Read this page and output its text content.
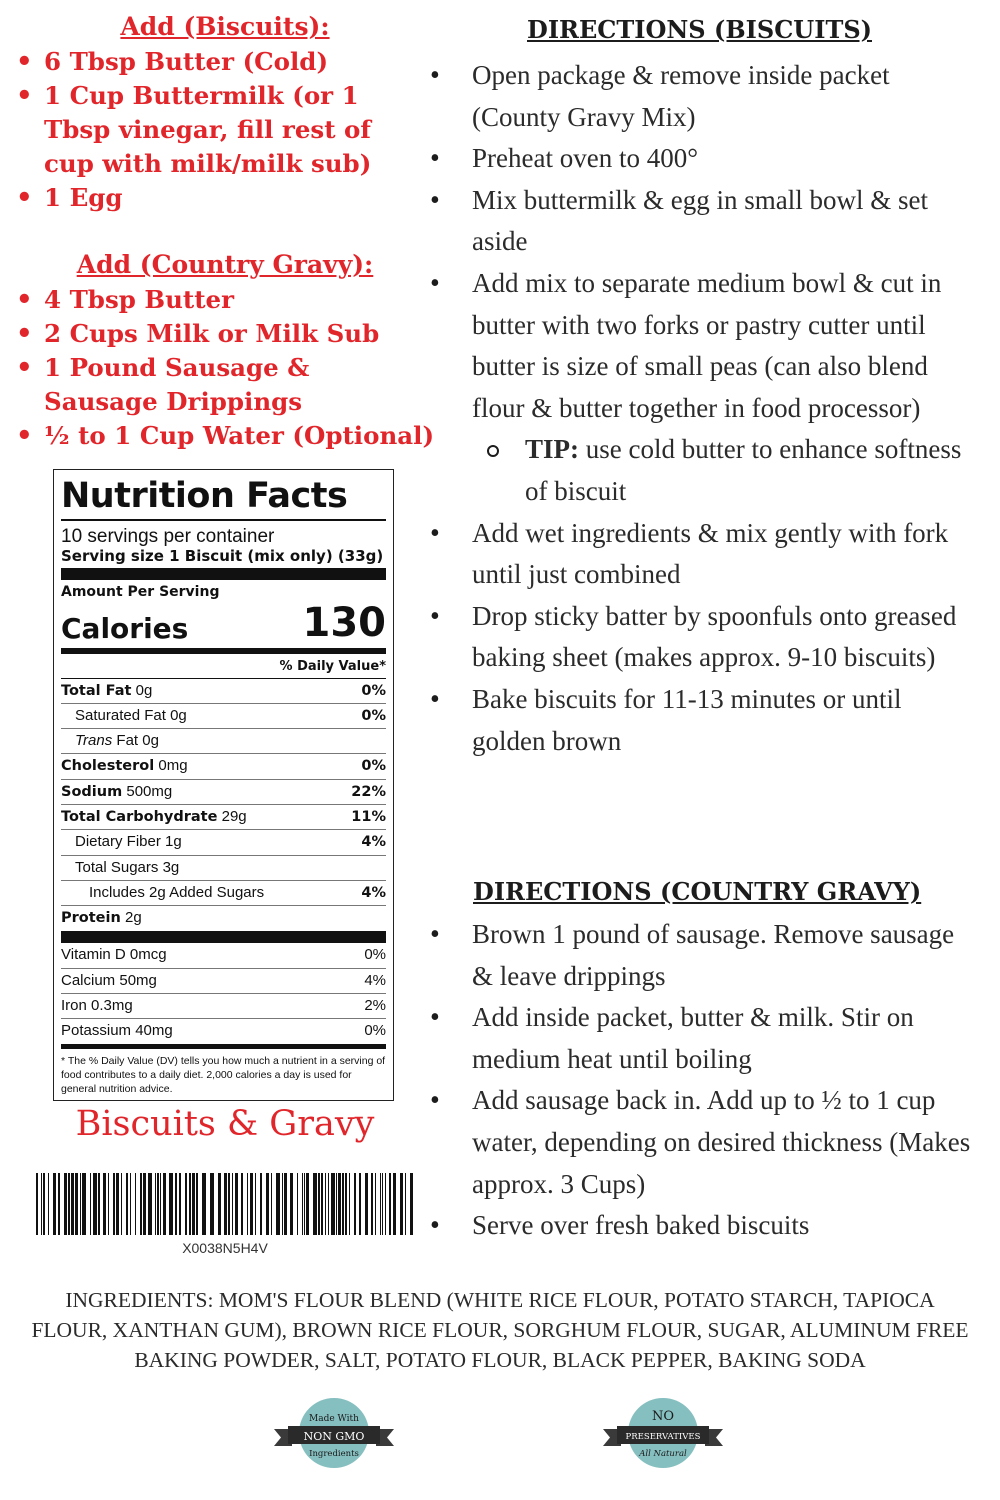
Add (Biscuits):
• 6 Tbsp Butter (Cold)
• 1 Cup Buttermilk (or 1 Tbsp vinegar, fill rest of cup with milk/milk sub)
• 1 Egg
Add (Country Gravy):
• 4 Tbsp Butter
• 2 Cups Milk or Milk Sub
• 1 Pound Sausage & Sausage Drippings
• ½ to 1 Cup Water (Optional)
DIRECTIONS (BISCUITS)
• Open package & remove inside packet (County Gravy Mix)
• Preheat oven to 400°
• Mix buttermilk & egg in small bowl & set aside
• Add mix to separate medium bowl & cut in butter with two forks or pastry cutter until butter is size of small peas (can also blend flour & butter together in food processor)
TIP: use cold butter to enhance softness of biscuit
• Add wet ingredients & mix gently with fork until just combined
• Drop sticky batter by spoonfuls onto greased baking sheet (makes approx. 9-10 biscuits)
• Bake biscuits for 11-13 minutes or until golden brown
DIRECTIONS (COUNTRY GRAVY)
• Brown 1 pound of sausage. Remove sausage & leave drippings
• Add inside packet, butter & milk. Stir on medium heat until boiling
• Add sausage back in. Add up to ½ to 1 cup water, depending on desired thickness (Makes approx. 3 Cups)
• Serve over fresh baked biscuits
Nutrition Facts
10 servings per container
Serving size 1 Biscuit (mix only) (33g)
Amount Per Serving
Calories	130
% Daily Value*
Total Fat 0g	0%
Saturated Fat 0g	0%
Trans Fat 0g
Cholesterol 0mg	0%
Sodium 500mg	22%
Total Carbohydrate 29g	11%
Dietary Fiber 1g	4%
Total Sugars 3g
Includes 2g Added Sugars	4%
Protein 2g
Vitamin D 0mcg	0%
Calcium 50mg	4%
Iron 0.3mg	2%
Potassium 40mg	0%
* The % Daily Value (DV) tells you how much a nutrient in a serving of food contributes to a daily diet. 2,000 calories a day is used for general nutrition advice.
Biscuits & Gravy
X0038N5H4V
INGREDIENTS: MOM'S FLOUR BLEND (WHITE RICE FLOUR, POTATO STARCH, TAPIOCA FLOUR, XANTHAN GUM), BROWN RICE FLOUR, SORGHUM FLOUR, SUGAR, ALUMINUM FREE BAKING POWDER, SALT, POTATO FLOUR, BLACK PEPPER, BAKING SODA
Made With
NON GMO
Ingredients
NO
PRESERVATIVES
All Natural
